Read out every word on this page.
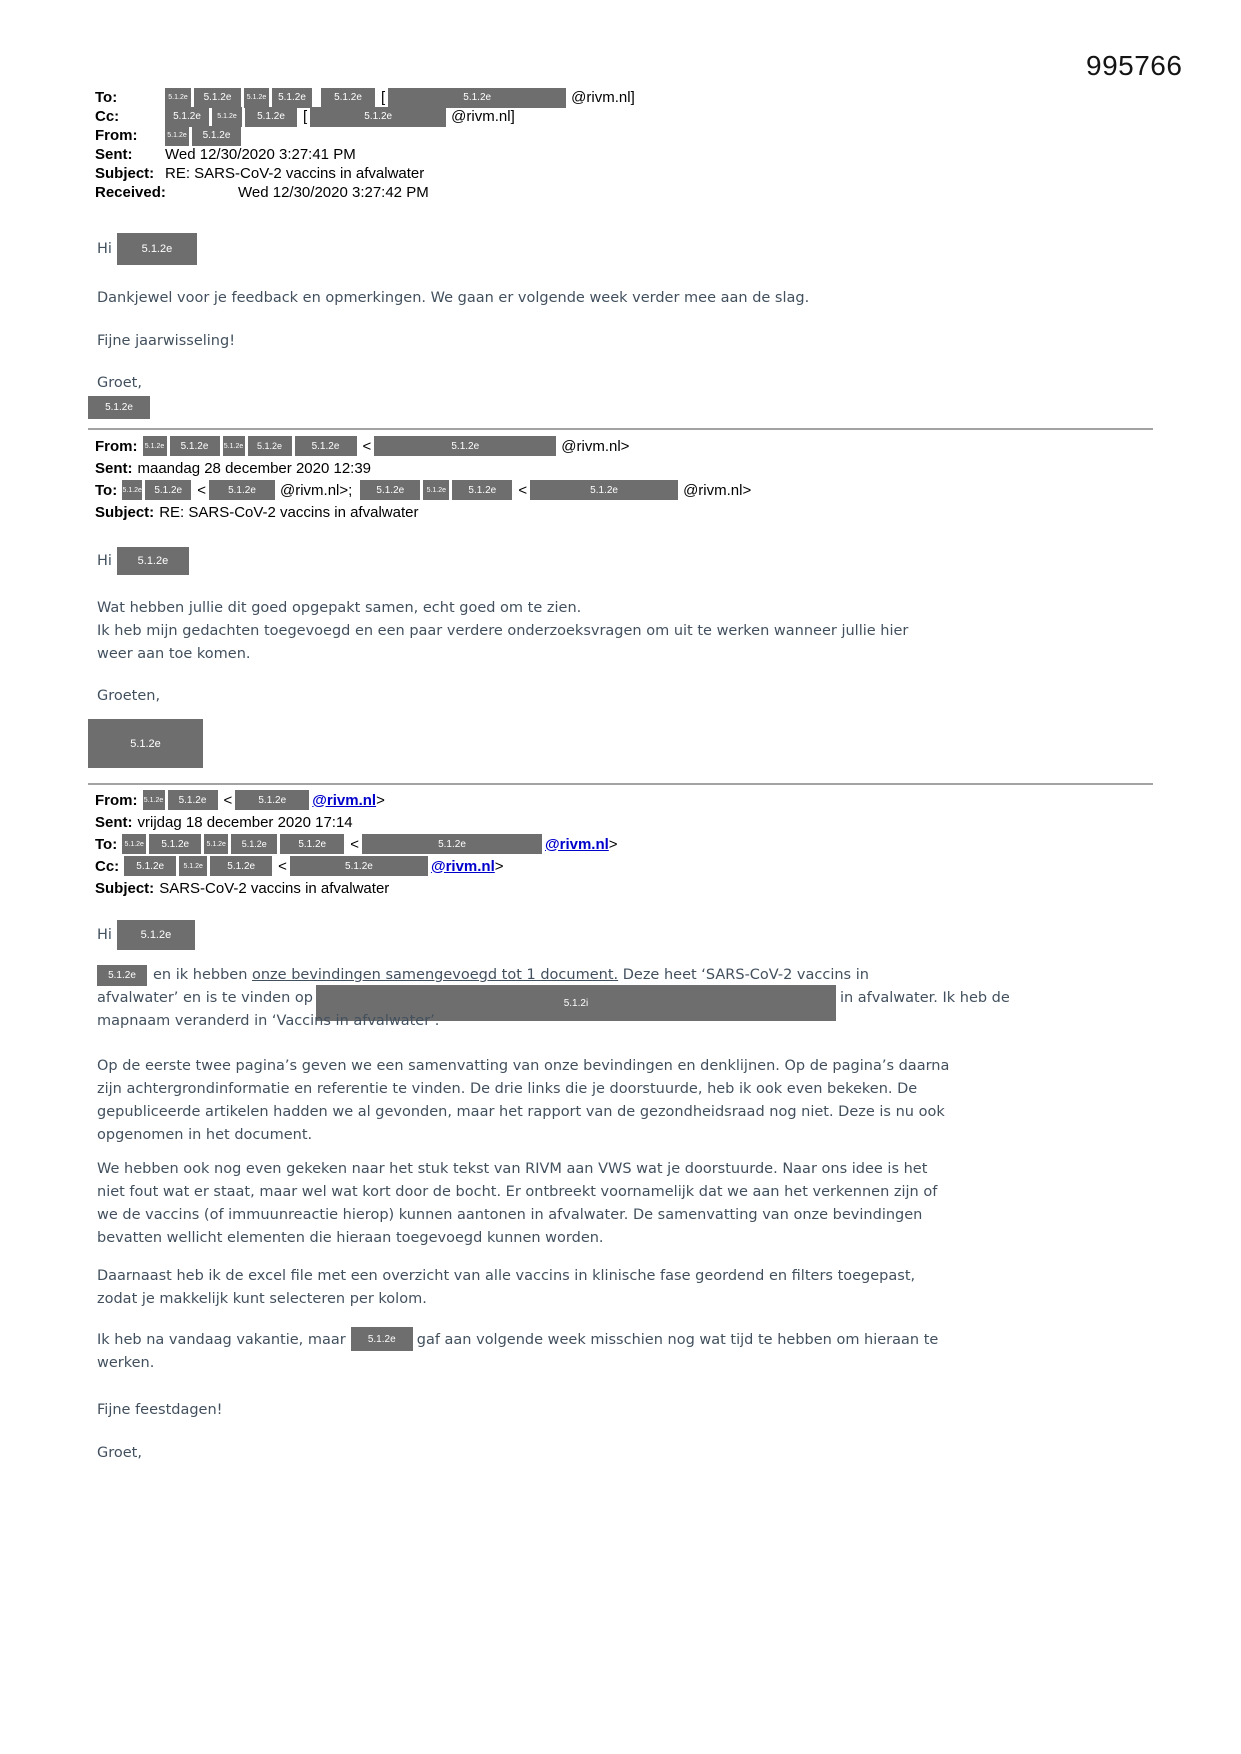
995766
To:	5.1.2e	5.1.2e	5.1.2e	5.1.2e	5.1.2e	[	5.1.2e	@rivm.nl]
Cc:	5.1.2e	5.1.2e	5.1.2e	[	5.1.2e	@rivm.nl]
From:	5.1.2e	5.1.2e
Sent:	Wed 12/30/2020 3:27:41 PM
Subject: RE: SARS-CoV-2 vaccins in afvalwater
Received:	Wed 12/30/2020 3:27:42 PM
Hi	5.1.2e
Dankjewel voor je feedback en opmerkingen. We gaan er volgende week verder mee aan de slag.
Fijne jaarwisseling!
Groet,
5.1.2e
From:	5.1.2e	5.1.2e	5.1.2e	5.1.2e	5.1.2e	<	5.1.2e	@rivm.nl>
Sent: maandag 28 december 2020 12:39
To: 5.1.2e	5.1.2e	<	5.1.2e	@rivm.nl>;	5.1.2e	5.1.2e	5.1.2e	<	5.1.2e	@rivm.nl>
Subject: RE: SARS-CoV-2 vaccins in afvalwater
Hi	5.1.2e
Wat hebben jullie dit goed opgepakt samen, echt goed om te zien.
Ik heb mijn gedachten toegevoegd en een paar verdere onderzoeksvragen om uit te werken wanneer jullie hier
weer aan toe komen.
Groeten,
5.1.2e
From: 5.1.2e	5.1.2e	<	5.1.2e	@rivm.nl >
Sent: vrijdag 18 december 2020 17:14
To:	5.1.2e	5.1.2e	5.1.2e	5.1.2e	5.1.2e	<	5.1.2e	@rivm.nl >
Cc:	5.1.2e	5.1.2e	5.1.2e	<	5.1.2e	@rivm.nl >
Subject: SARS-CoV-2 vaccins in afvalwater
Hi	5.1.2e
5.1.2e	en ik hebben onze bevindingen samengevoegd tot 1 document. Deze heet ‘SARS-CoV-2 vaccins in
afvalwater’ en is te vinden op	5.1.2i	in afvalwater. Ik heb de
mapnaam veranderd in ‘Vaccins in afvalwater’.
Op de eerste twee pagina’s geven we een samenvatting van onze bevindingen en denklijnen. Op de pagina’s daarna
zijn achtergrondinformatie en referentie te vinden. De drie links die je doorstuurde, heb ik ook even bekeken. De
gepubliceerde artikelen hadden we al gevonden, maar het rapport van de gezondheidsraad nog niet. Deze is nu ook
opgenomen in het document.
We hebben ook nog even gekeken naar het stuk tekst van RIVM aan VWS wat je doorstuurde. Naar ons idee is het
niet fout wat er staat, maar wel wat kort door de bocht. Er ontbreekt voornamelijk dat we aan het verkennen zijn of
we de vaccins (of immuunreactie hierop) kunnen aantonen in afvalwater. De samenvatting van onze bevindingen
bevatten wellicht elementen die hieraan toegevoegd kunnen worden.
Daarnaast heb ik de excel file met een overzicht van alle vaccins in klinische fase geordend en filters toegepast,
zodat je makkelijk kunt selecteren per kolom.
Ik heb na vandaag vakantie, maar	5.1.2e	gaf aan volgende week misschien nog wat tijd te hebben om hieraan te
werken.
Fijne feestdagen!
Groet,
